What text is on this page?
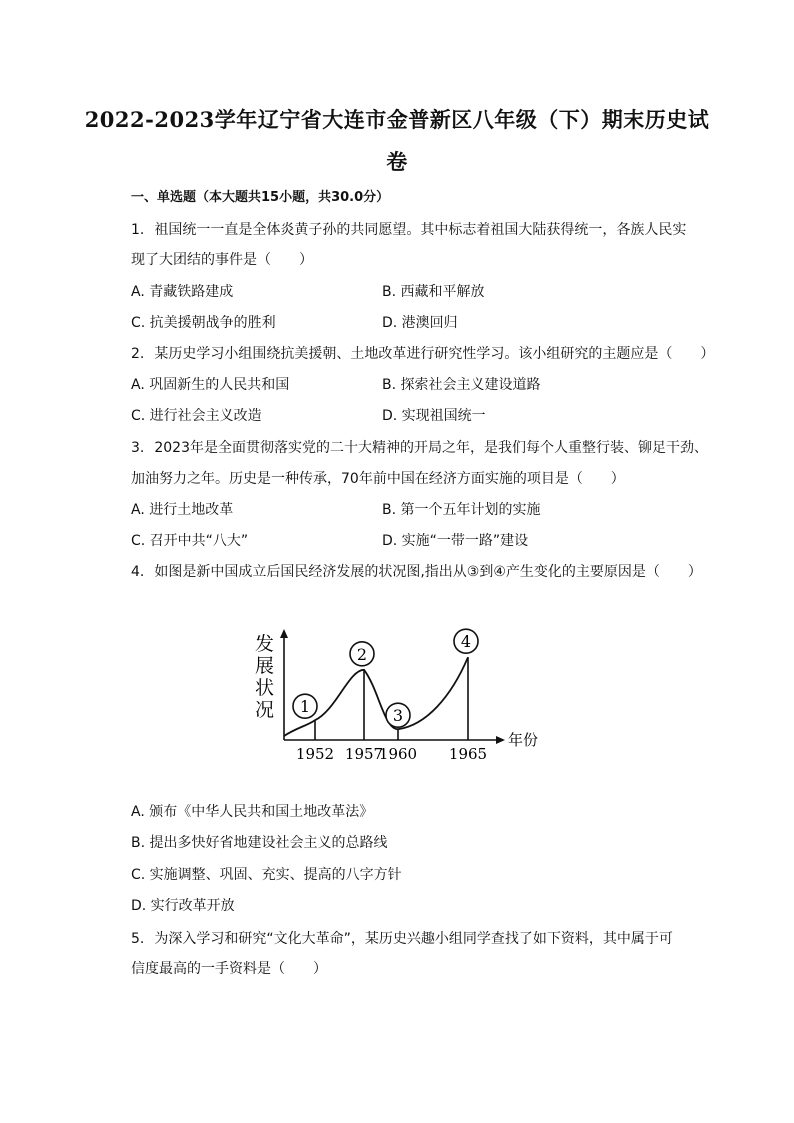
2022-2023学年辽宁省大连市金普新区八年级（下）期末历史试
卷
一、单选题（本大题共15小题，共30.0分）
1. 祖国统一一直是全体炎黄子孙的共同愿望。其中标志着祖国大陆获得统一，各族人民实
现了大团结的事件是（　　）
A. 青藏铁路建成	B. 西藏和平解放
C. 抗美援朝战争的胜利	D. 港澳回归
2. 某历史学习小组围绕抗美援朝、土地改革进行研究性学习。该小组研究的主题应是（　　）
A. 巩固新生的人民共和国	B. 探索社会主义建设道路
C. 进行社会主义改造	D. 实现祖国统一
3. 2023年是全面贯彻落实党的二十大精神的开局之年，是我们每个人重整行装、铆足干劲、
加油努力之年。历史是一种传承，70年前中国在经济方面实施的项目是（　　）
A. 进行土地改革	B. 第一个五年计划的实施
C. 召开中共“八大”	D. 实施“一带一路”建设
4. 如图是新中国成立后国民经济发展的状况图,指出从③到④产生变化的主要原因是（　　）
发
展
状
况
年份
1
2
3
4
1952 1957
1960 1965
A. 颁布《中华人民共和国土地改革法》
B. 提出多快好省地建设社会主义的总路线
C. 实施调整、巩固、充实、提高的八字方针
D. 实行改革开放
5. 为深入学习和研究“文化大革命”，某历史兴趣小组同学查找了如下资料，其中属于可
信度最高的一手资料是（　　）
